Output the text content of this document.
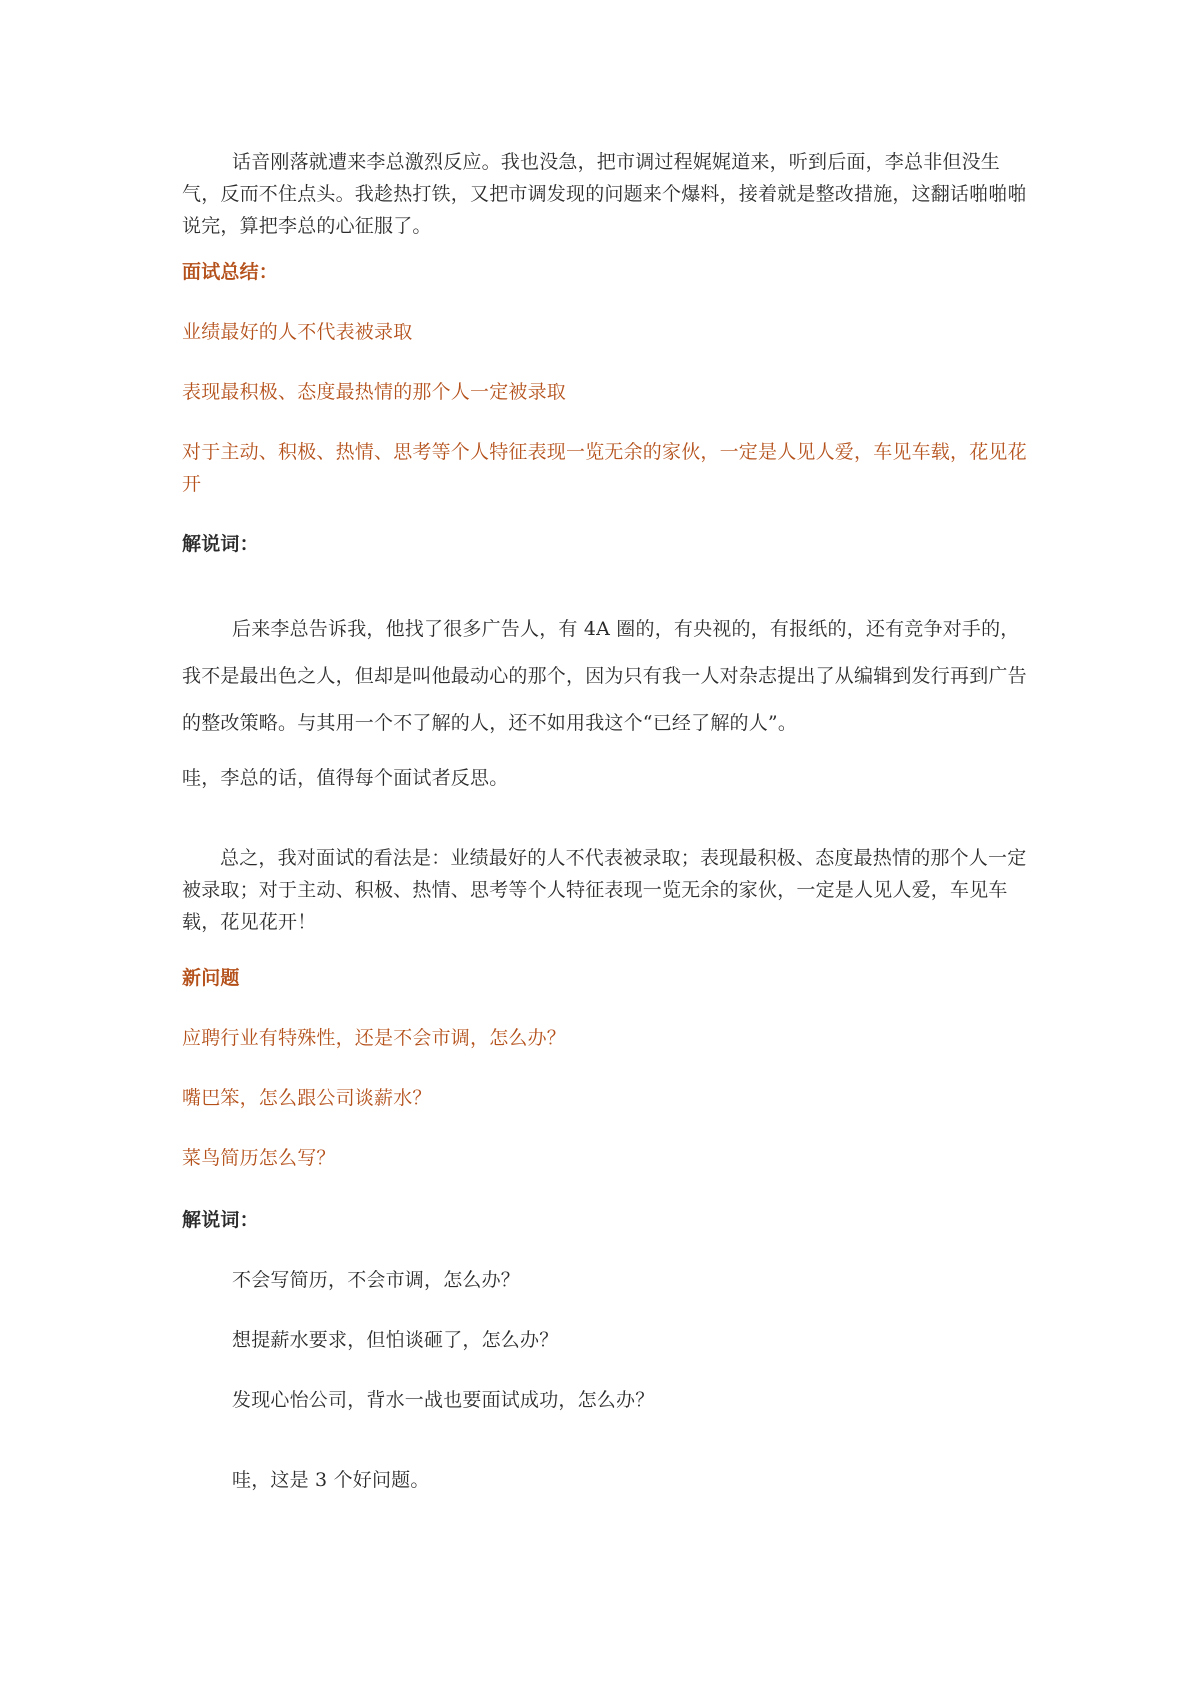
话音刚落就遭来李总激烈反应。我也没急，把市调过程娓娓道来，听到后面，李总非但没生气，反而不住点头。我趁热打铁，又把市调发现的问题来个爆料，接着就是整改措施，这翻话啪啪啪说完，算把李总的心征服了。

面试总结：

业绩最好的人不代表被录取

表现最积极、态度最热情的那个人一定被录取

对于主动、积极、热情、思考等个人特征表现一览无余的家伙，一定是人见人爱，车见车载，花见花开

解说词：

后来李总告诉我，他找了很多广告人，有 4A 圈的，有央视的，有报纸的，还有竞争对手的，我不是最出色之人，但却是叫他最动心的那个，因为只有我一人对杂志提出了从编辑到发行再到广告的整改策略。与其用一个不了解的人，还不如用我这个“已经了解的人”。

哇，李总的话，值得每个面试者反思。

总之，我对面试的看法是：业绩最好的人不代表被录取；表现最积极、态度最热情的那个人一定被录取；对于主动、积极、热情、思考等个人特征表现一览无余的家伙，一定是人见人爱，车见车载，花见花开！

新问题

应聘行业有特殊性，还是不会市调，怎么办？

嘴巴笨，怎么跟公司谈薪水？

菜鸟简历怎么写？

解说词：

不会写简历，不会市调，怎么办？

想提薪水要求，但怕谈砸了，怎么办？

发现心怡公司，背水一战也要面试成功，怎么办？

哇，这是 3 个好问题。
